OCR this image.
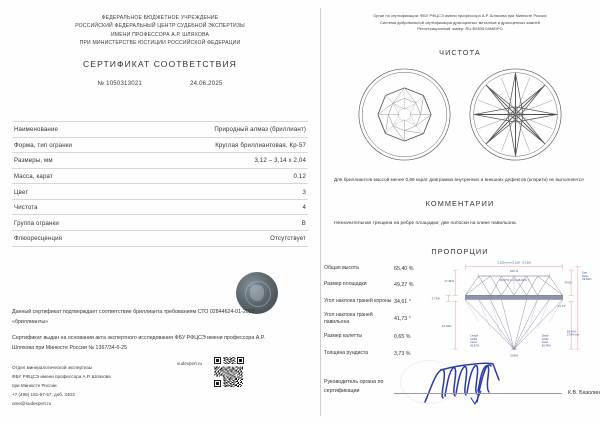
ФЕДЕРАЛЬНОЕ БЮДЖЕТНОЕ УЧРЕЖДЕНИЕ
РОССИЙСКИЙ ФЕДЕРАЛЬНЫЙ ЦЕНТР СУДЕБНОЙ ЭКСПЕРТИЗЫ
ИМЕНИ ПРОФЕССОРА А.Р. ШЛЯХОВА
ПРИ МИНИСТЕРСТВЕ ЮСТИЦИИ РОССИЙСКОЙ ФЕДЕРАЦИИ
СЕРТИФИКАТ СООТВЕТСТВИЯ
№ 1050313021	24.06.2025
Наименование	Природный алмаз (бриллиант)
Форма, тип огранки	Круглая бриллиантовая, Кр-57
Размеры, мм	3,12 – 3,14 х 2,04
Масса, карат	0,12
Цвет	3
Чистота	4
Группа огранки	В
Флюоресценция	Отсутствует
Данный сертификат подтверждает соответствие бриллианта требованиям СТО 02844624-01-2023 «бриллианты»
Сертификат выдан на основании акта экспертного исследования ФБУ РФЦСЭ имени профессора А.Р. Шляхова при Минюсте России № 1367/34-6-25
Отдел минералогической экспертизы
ФБУ РФЦСЭ имени профессора А.Р. Шляхова
при Минюсте России
+7 (495) 181-57-57, доб. 3403
ome@sudexpert.ru
sudexpert.ru
Орган по сертификации: ФБУ РФЦСЭ имени профессора А.Р. Шляхова при Минюсте России
Система добровольной сертификации драгоценных металлов и драгоценных камней
Регистрационный номер: RU.B2805.04МЮРО
ЧИСТОТА
Для бриллиантов массой менее 0,99 карат диаграмма внутренних и внешних дефектов (клэрити) не выполняется
КОММЕНТАРИИ
Незначительная трещина на ребре площадки; две полоски на клине павильона.
ПРОПОРЦИИ
Общая высота	65,40 %
Размер площадки	49,27 %
Угол наклона граней короны 34,61 °
Угол наклона граней павильона	41,73 °
Размер калетты	0,65 %
Толщина рундиста	3,73 %
3.125 mm (3.119 - 3.130)
100 %
49.27% ( mm 48.94% )
17.44%
3.73%
44.23%
34.61°
41.73°
Star
Ratio
49.84%
65.40%
2.044 mm
Length
Girdle
Facet
82.87%
Depth
Girdle
Facet
84.78%
0.65%
Руководитель органа по сертификации	К.В. Базолин
